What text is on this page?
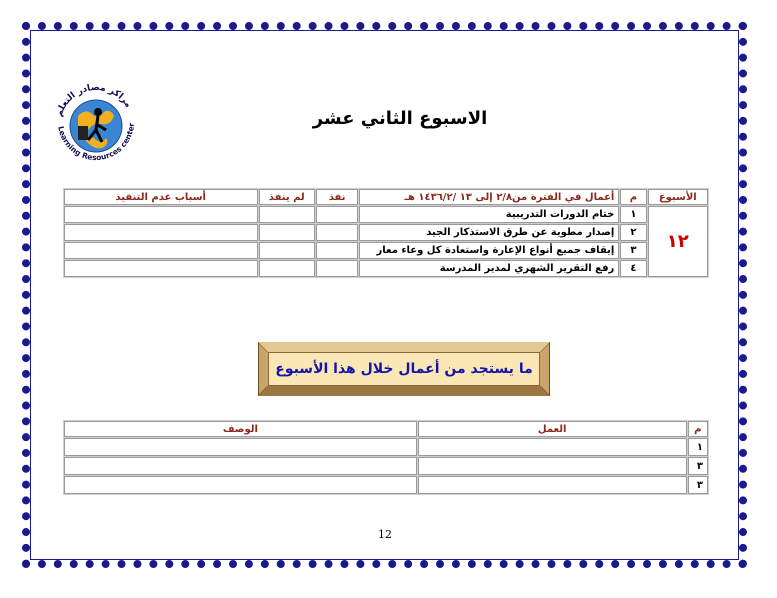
مراكز مصادر التعلم
Learning Resources center	الاسبوع الثاني عشر
الأسبوع	م	أعمال في الفترة من٢/٨ إلى ١٣ /١٤٣٦/٢ هـ	نفذ	لم ينفذ	أسباب عدم التنفيذ
١٢	١	ختام الدورات التدريبية			
	٢	إصدار مطوية عن طرق الاستذكار الجيد			
	٣	إيقاف جميع أنواع الإعارة واستعادة كل وعاء معار			
	٤	رفع التقرير الشهري لمدير المدرسة			
ما يستجد من أعمال خلال هذا الأسبوع
م	العمل	الوصف
١		
٣		
٣		
12
